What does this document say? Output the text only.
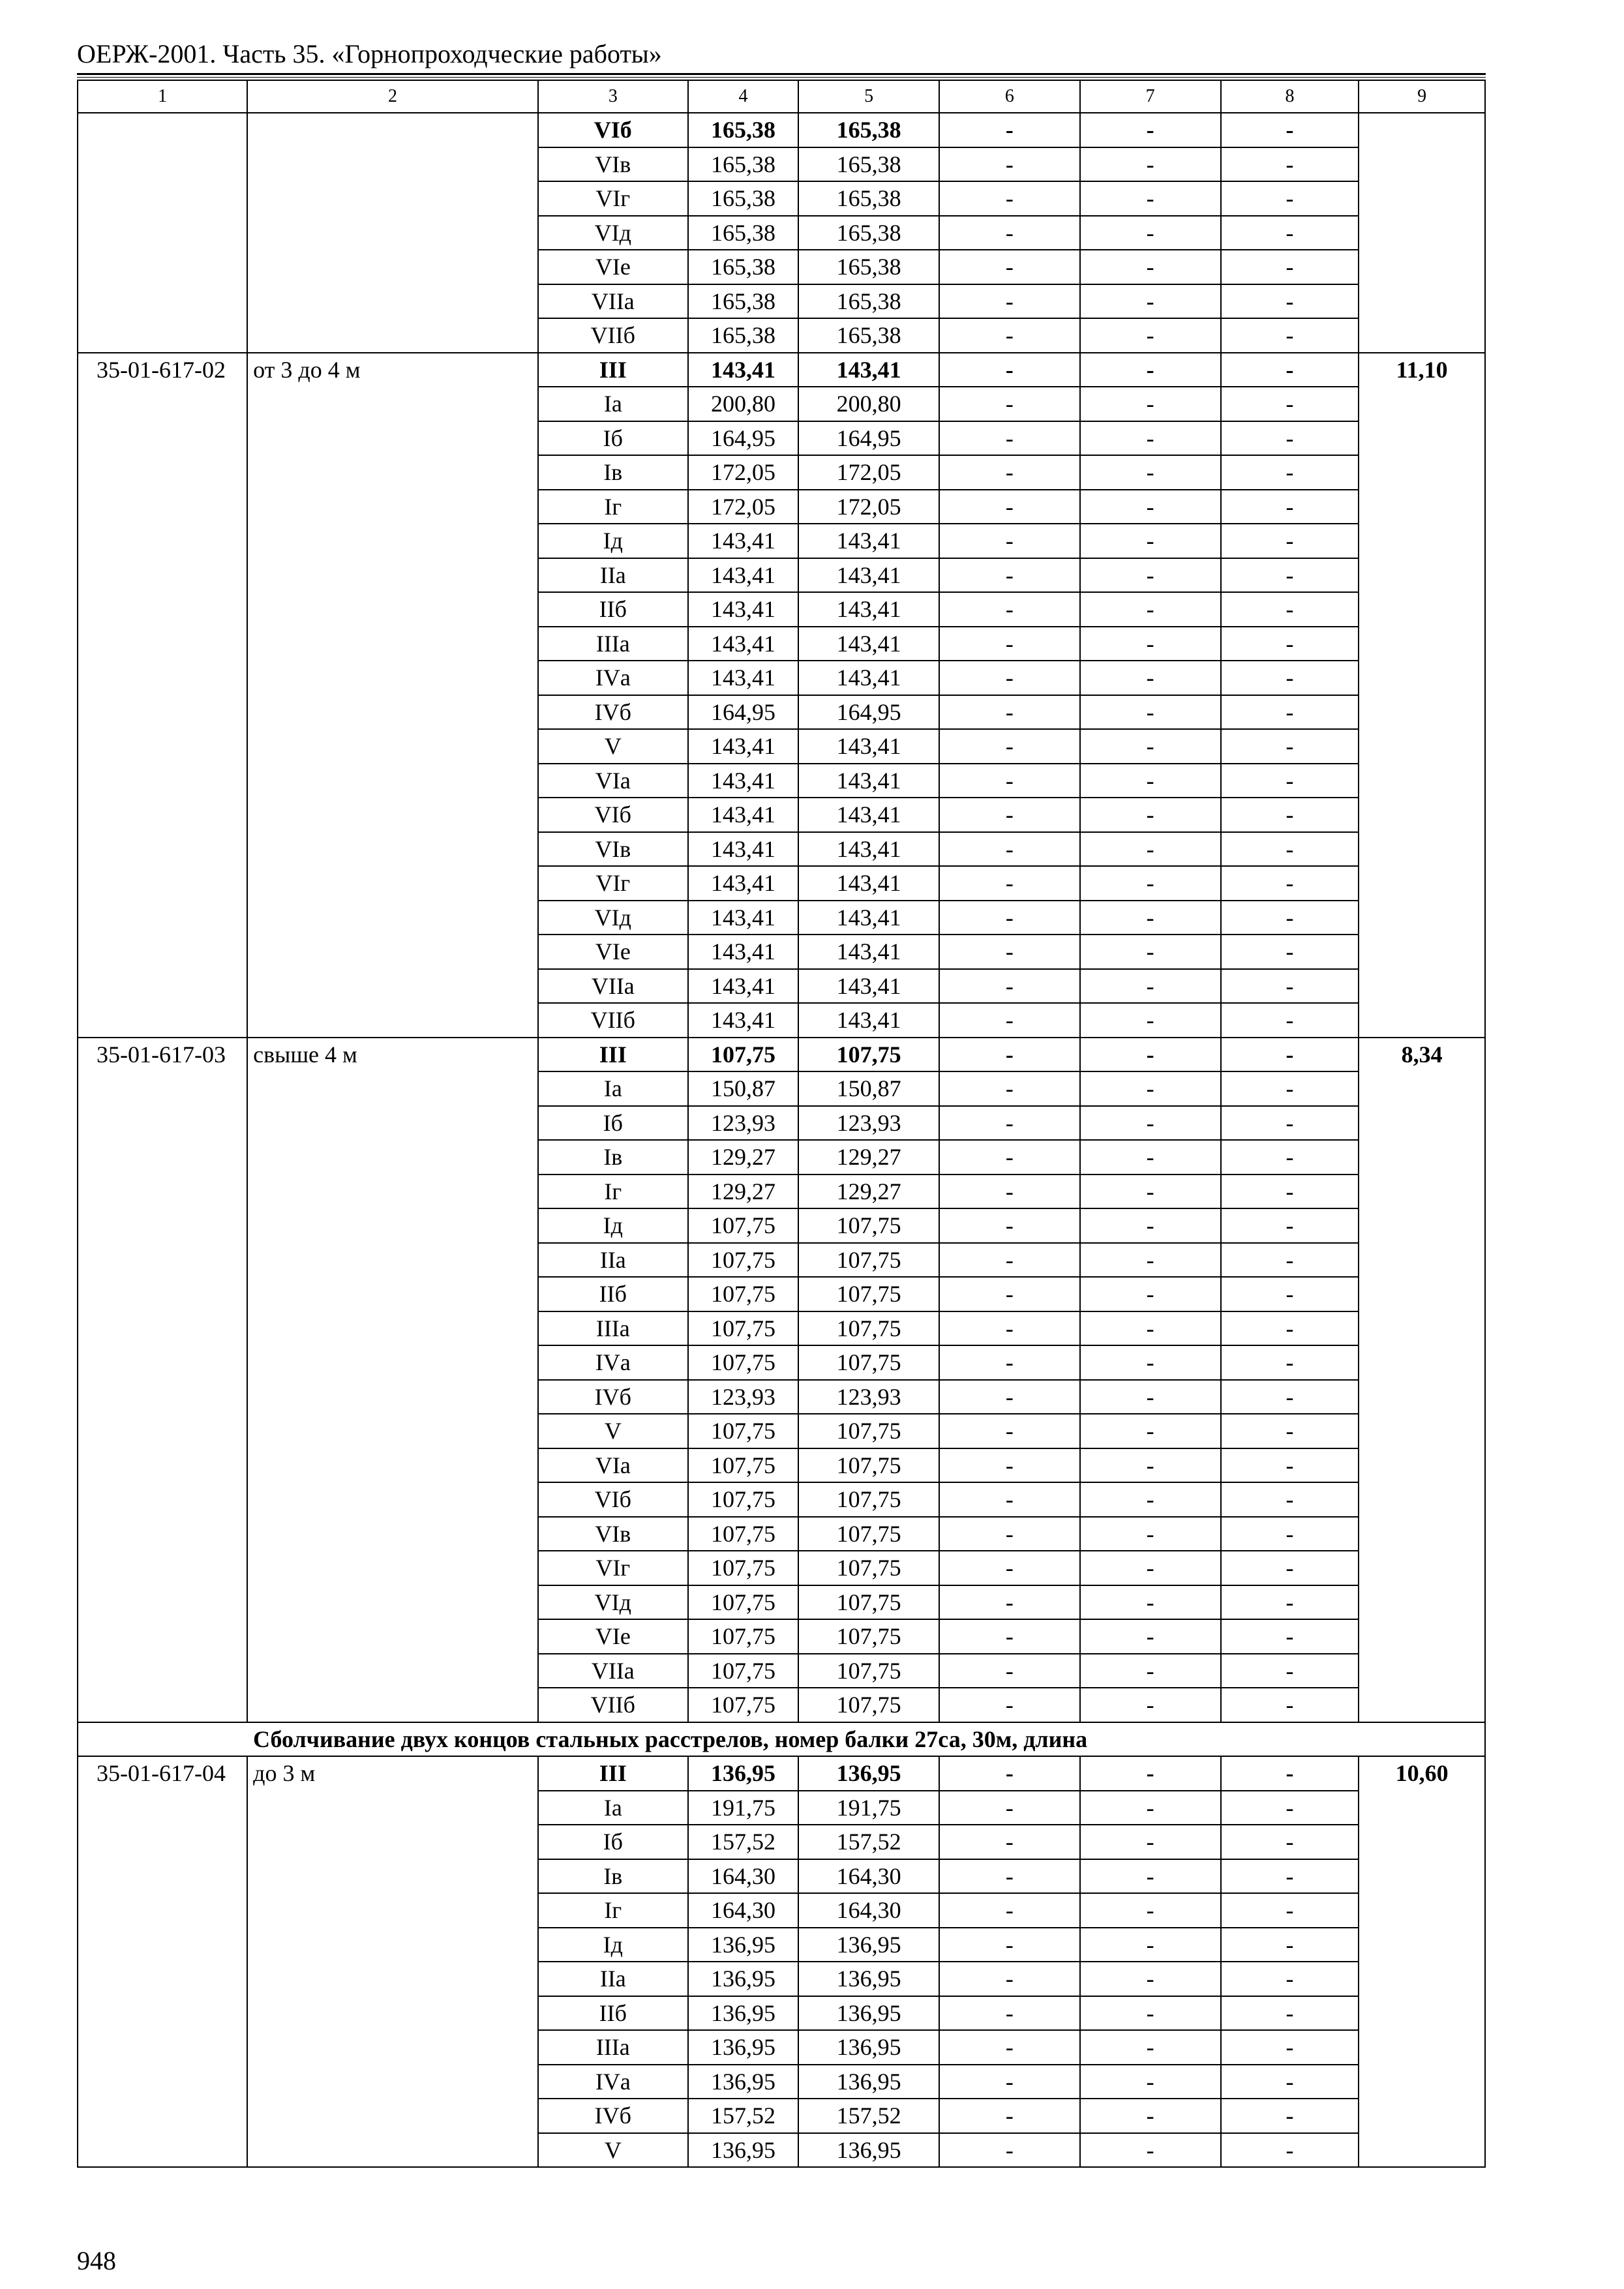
ОЕРЖ-2001. Часть 35. «Горнопроходческие работы»
1	2	3	4	5	6	7	8	9
		VIб	165,38	165,38	-	-	-	
		VIв	165,38	165,38	-	-	-	
		VIг	165,38	165,38	-	-	-	
		VIд	165,38	165,38	-	-	-	
		VIе	165,38	165,38	-	-	-	
		VIIа	165,38	165,38	-	-	-	
		VIIб	165,38	165,38	-	-	-	
35-01-617-02	от 3 до 4 м	III	143,41	143,41	-	-	-	11,10
		Iа	200,80	200,80	-	-	-	
		Iб	164,95	164,95	-	-	-	
		Iв	172,05	172,05	-	-	-	
		Iг	172,05	172,05	-	-	-	
		Iд	143,41	143,41	-	-	-	
		IIа	143,41	143,41	-	-	-	
		IIб	143,41	143,41	-	-	-	
		IIIа	143,41	143,41	-	-	-	
		IVа	143,41	143,41	-	-	-	
		IVб	164,95	164,95	-	-	-	
		V	143,41	143,41	-	-	-	
		VIа	143,41	143,41	-	-	-	
		VIб	143,41	143,41	-	-	-	
		VIв	143,41	143,41	-	-	-	
		VIг	143,41	143,41	-	-	-	
		VIд	143,41	143,41	-	-	-	
		VIе	143,41	143,41	-	-	-	
		VIIа	143,41	143,41	-	-	-	
		VIIб	143,41	143,41	-	-	-	
35-01-617-03	свыше 4 м	III	107,75	107,75	-	-	-	8,34
		Iа	150,87	150,87	-	-	-	
		Iб	123,93	123,93	-	-	-	
		Iв	129,27	129,27	-	-	-	
		Iг	129,27	129,27	-	-	-	
		Iд	107,75	107,75	-	-	-	
		IIа	107,75	107,75	-	-	-	
		IIб	107,75	107,75	-	-	-	
		IIIа	107,75	107,75	-	-	-	
		IVа	107,75	107,75	-	-	-	
		IVб	123,93	123,93	-	-	-	
		V	107,75	107,75	-	-	-	
		VIа	107,75	107,75	-	-	-	
		VIб	107,75	107,75	-	-	-	
		VIв	107,75	107,75	-	-	-	
		VIг	107,75	107,75	-	-	-	
		VIд	107,75	107,75	-	-	-	
		VIе	107,75	107,75	-	-	-	
		VIIа	107,75	107,75	-	-	-	
		VIIб	107,75	107,75	-	-	-	
Сболчивание двух концов стальных расстрелов, номер балки 27са, 30м, длина								
35-01-617-04	до 3 м	III	136,95	136,95	-	-	-	10,60
		Iа	191,75	191,75	-	-	-	
		Iб	157,52	157,52	-	-	-	
		Iв	164,30	164,30	-	-	-	
		Iг	164,30	164,30	-	-	-	
		Iд	136,95	136,95	-	-	-	
		IIа	136,95	136,95	-	-	-	
		IIб	136,95	136,95	-	-	-	
		IIIа	136,95	136,95	-	-	-	
		IVа	136,95	136,95	-	-	-	
		IVб	157,52	157,52	-	-	-	
		V	136,95	136,95	-	-	-	
948
